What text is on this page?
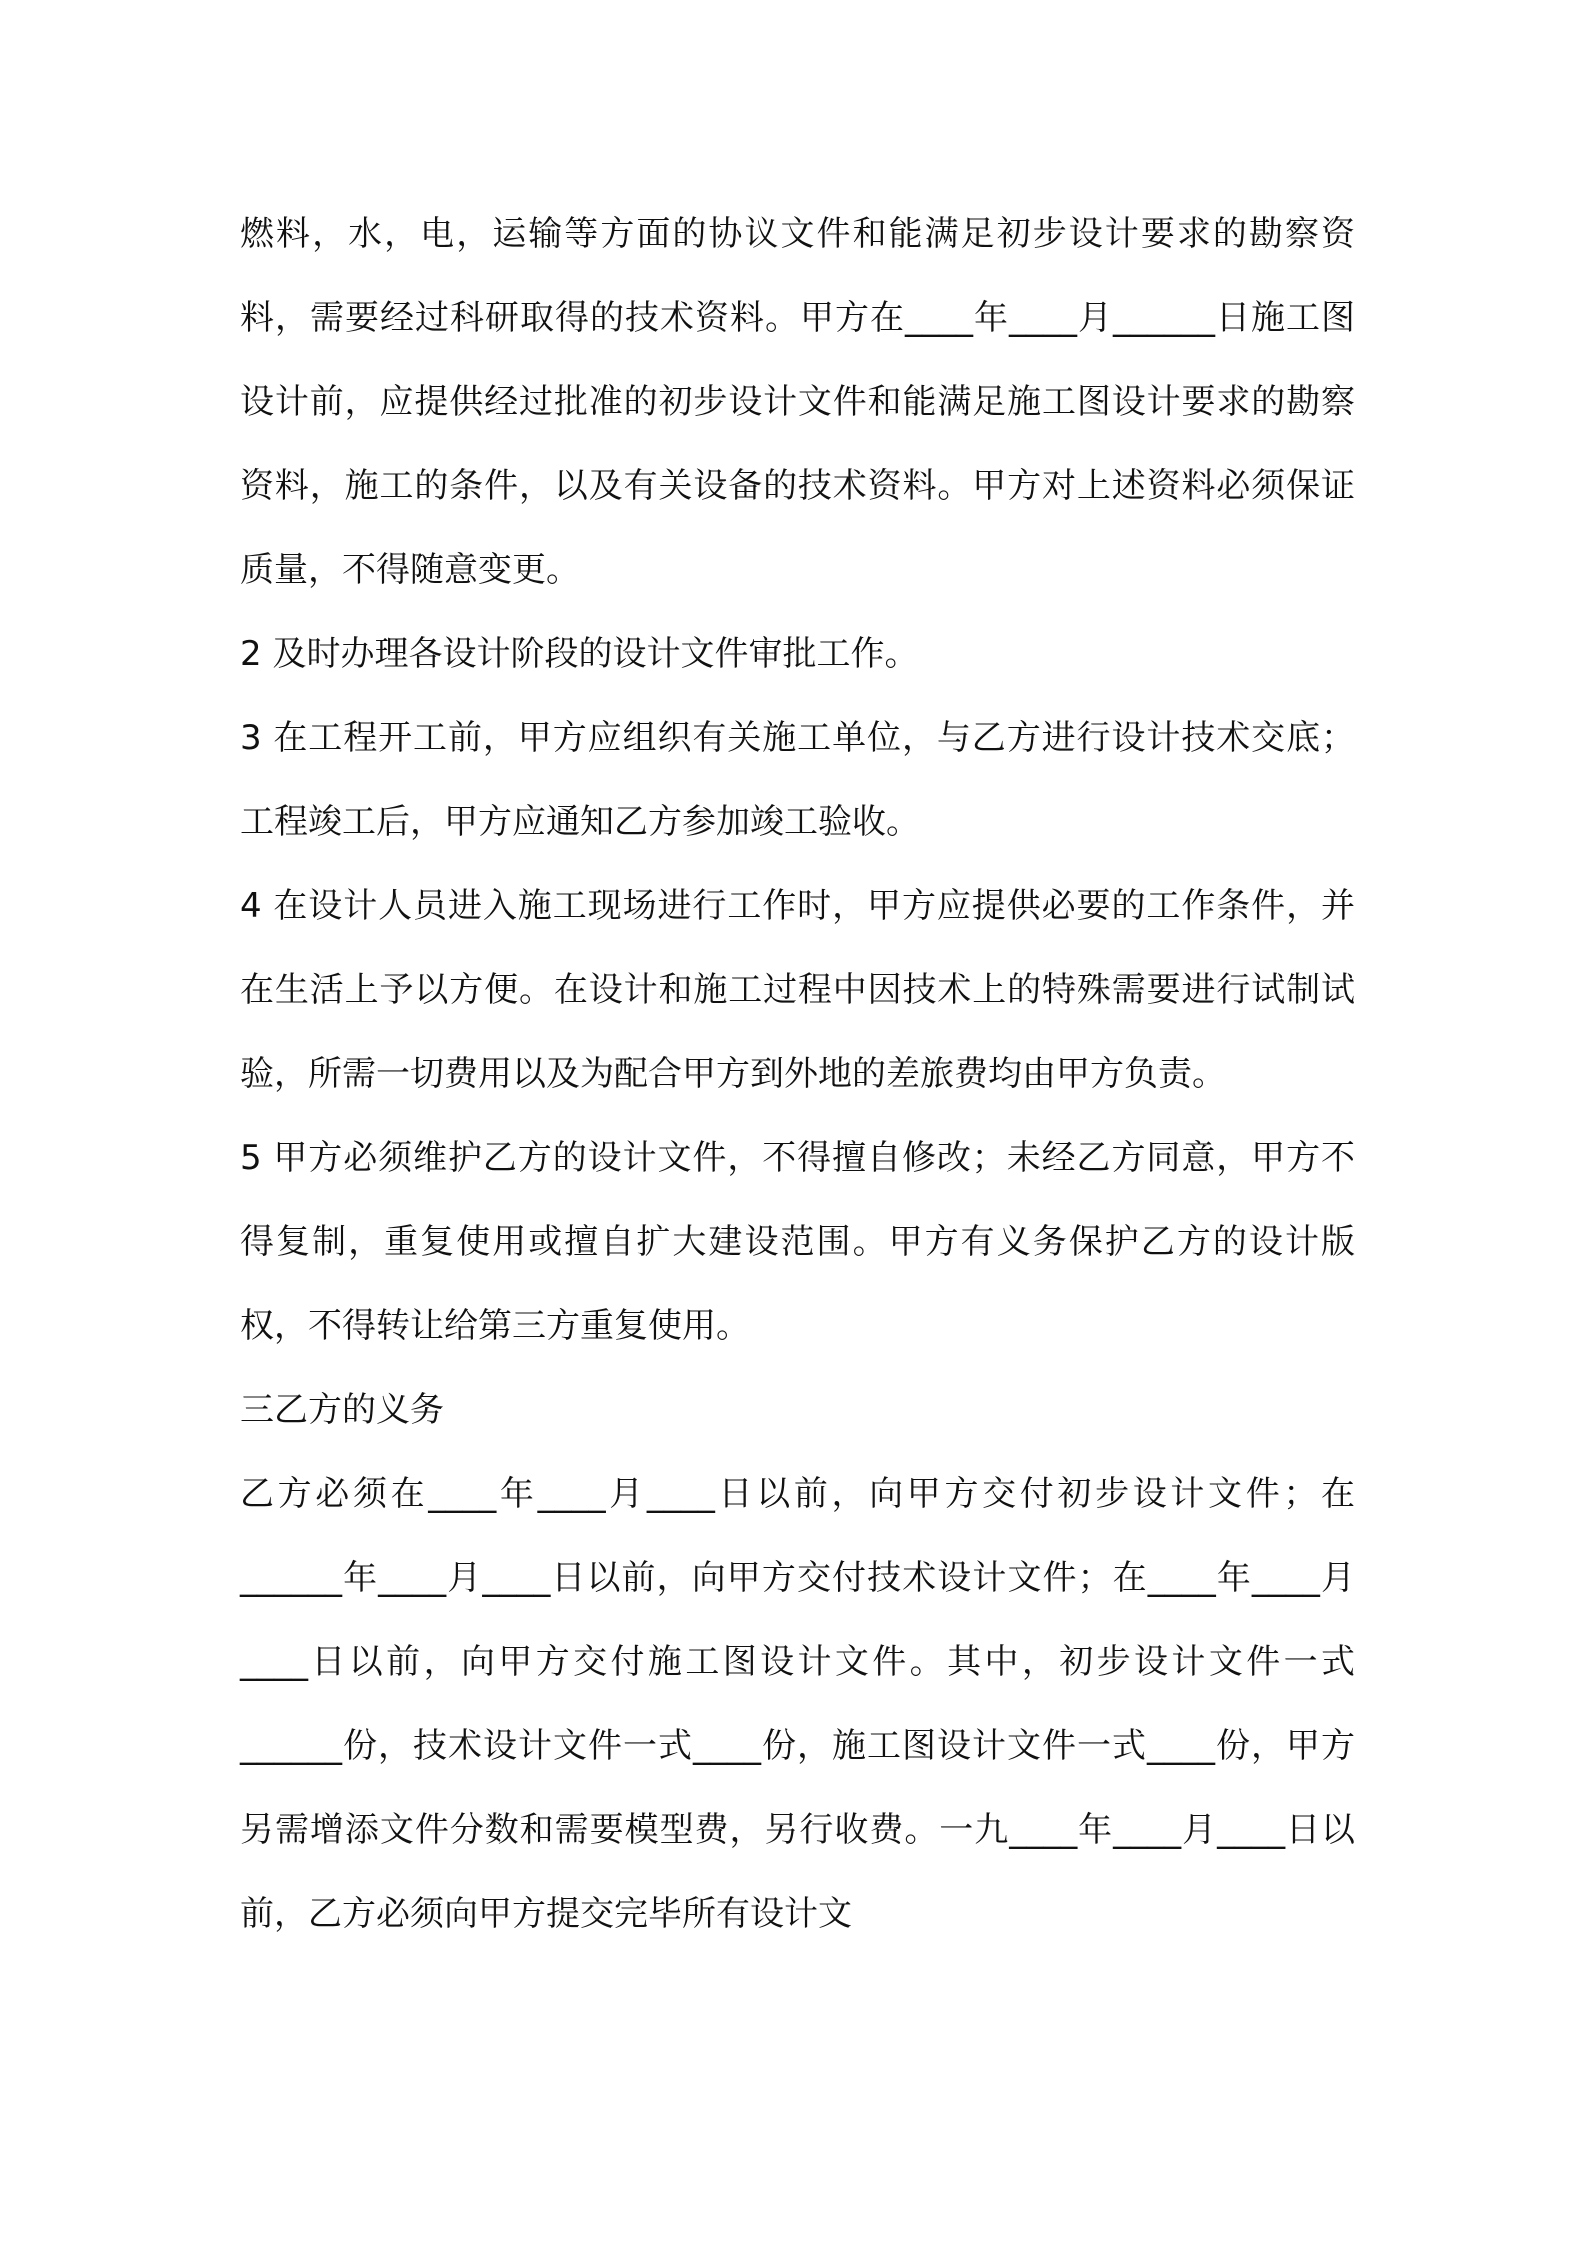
燃料，水，电，运输等方面的协议文件和能满足初步设计要求的勘察资料，需要经过科研取得的技术资料。甲方在____年____月______日施工图设计前，应提供经过批准的初步设计文件和能满足施工图设计要求的勘察资料，施工的条件，以及有关设备的技术资料。甲方对上述资料必须保证质量，不得随意变更。

2 及时办理各设计阶段的设计文件审批工作。

3 在工程开工前，甲方应组织有关施工单位，与乙方进行设计技术交底；工程竣工后，甲方应通知乙方参加竣工验收。

4 在设计人员进入施工现场进行工作时，甲方应提供必要的工作条件，并在生活上予以方便。在设计和施工过程中因技术上的特殊需要进行试制试验，所需一切费用以及为配合甲方到外地的差旅费均由甲方负责。

5 甲方必须维护乙方的设计文件，不得擅自修改；未经乙方同意，甲方不得复制，重复使用或擅自扩大建设范围。甲方有义务保护乙方的设计版权，不得转让给第三方重复使用。

三乙方的义务

乙方必须在____年____月____日以前，向甲方交付初步设计文件；在______年____月____日以前，向甲方交付技术设计文件；在____年____月____日以前，向甲方交付施工图设计文件。其中，初步设计文件一式______份，技术设计文件一式____份，施工图设计文件一式____份，甲方另需增添文件分数和需要模型费，另行收费。一九____年____月____日以前，乙方必须向甲方提交完毕所有设计文
